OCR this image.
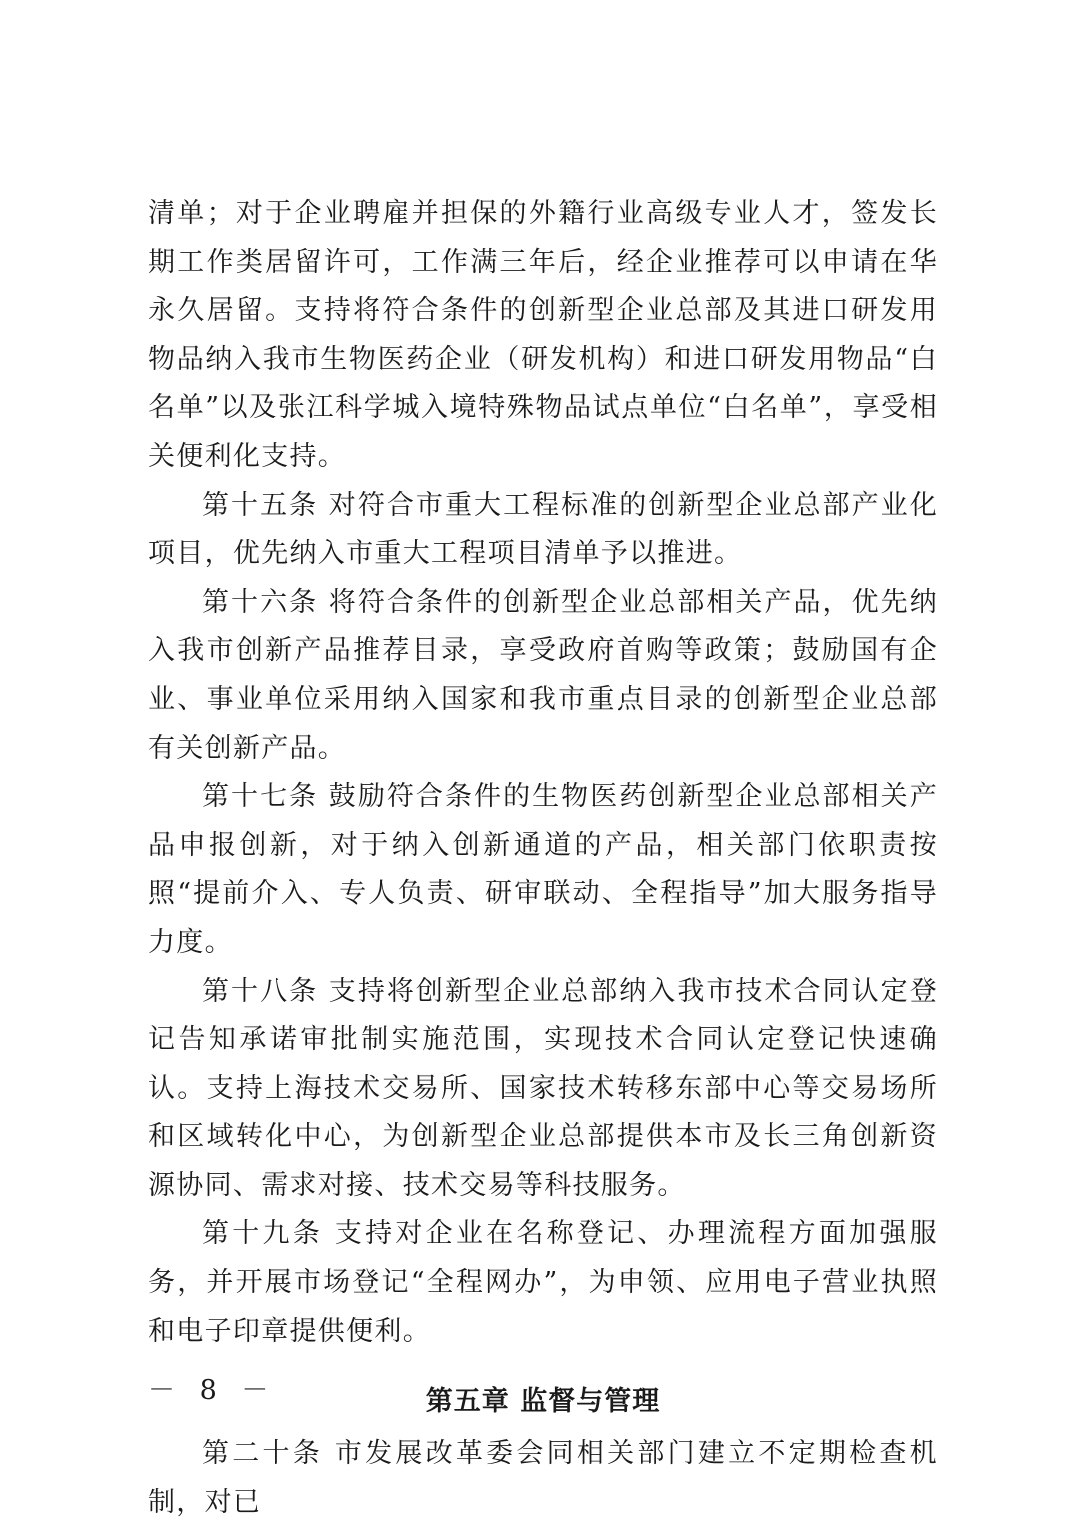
清单；对于企业聘雇并担保的外籍行业高级专业人才，签发长期工作类居留许可，工作满三年后，经企业推荐可以申请在华永久居留。支持将符合条件的创新型企业总部及其进口研发用物品纳入我市生物医药企业（研发机构）和进口研发用物品“白名单”以及张江科学城入境特殊物品试点单位“白名单”，享受相关便利化支持。

第十五条 对符合市重大工程标准的创新型企业总部产业化项目，优先纳入市重大工程项目清单予以推进。

第十六条 将符合条件的创新型企业总部相关产品，优先纳入我市创新产品推荐目录，享受政府首购等政策；鼓励国有企业、事业单位采用纳入国家和我市重点目录的创新型企业总部有关创新产品。

第十七条 鼓励符合条件的生物医药创新型企业总部相关产品申报创新，对于纳入创新通道的产品，相关部门依职责按照“提前介入、专人负责、研审联动、全程指导”加大服务指导力度。

第十八条 支持将创新型企业总部纳入我市技术合同认定登记告知承诺审批制实施范围，实现技术合同认定登记快速确认。支持上海技术交易所、国家技术转移东部中心等交易场所和区域转化中心，为创新型企业总部提供本市及长三角创新资源协同、需求对接、技术交易等科技服务。

第十九条 支持对企业在名称登记、办理流程方面加强服务，并开展市场登记“全程网办”，为申领、应用电子营业执照和电子印章提供便利。

第五章 监督与管理

第二十条 市发展改革委会同相关部门建立不定期检查机制，对已

－ 8 －
